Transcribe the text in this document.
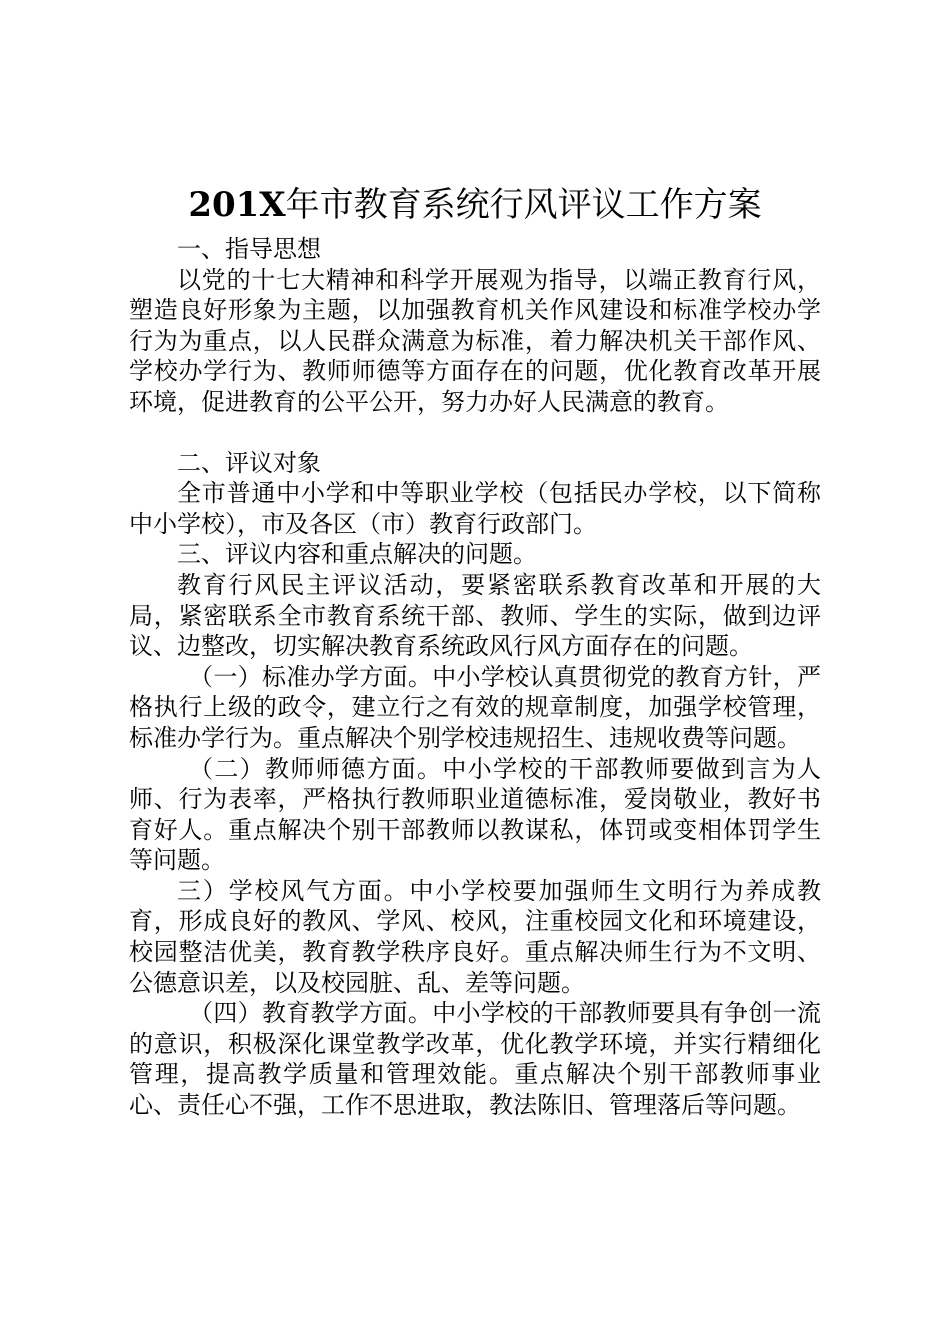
201X年市教育系统行风评议工作方案

一、指导思想

以党的十七大精神和科学开展观为指导，以端正教育行风，塑造良好形象为主题，以加强教育机关作风建设和标准学校办学行为为重点，以人民群众满意为标准，着力解决机关干部作风、学校办学行为、教师师德等方面存在的问题，优化教育改革开展环境，促进教育的公平公开，努力办好人民满意的教育。

二、评议对象

全市普通中小学和中等职业学校（包括民办学校，以下简称中小学校），市及各区（市）教育行政部门。

三、评议内容和重点解决的问题。

教育行风民主评议活动，要紧密联系教育改革和开展的大局，紧密联系全市教育系统干部、教师、学生的实际，做到边评议、边整改，切实解决教育系统政风行风方面存在的问题。

（一）标准办学方面。中小学校认真贯彻党的教育方针，严格执行上级的政令，建立行之有效的规章制度，加强学校管理，标准办学行为。重点解决个别学校违规招生、违规收费等问题。

（二）教师师德方面。中小学校的干部教师要做到言为人师、行为表率，严格执行教师职业道德标准，爱岗敬业，教好书育好人。重点解决个别干部教师以教谋私，体罚或变相体罚学生等问题。

三）学校风气方面。中小学校要加强师生文明行为养成教育，形成良好的教风、学风、校风，注重校园文化和环境建设，校园整洁优美，教育教学秩序良好。重点解决师生行为不文明、公德意识差，以及校园脏、乱、差等问题。

（四）教育教学方面。中小学校的干部教师要具有争创一流的意识，积极深化课堂教学改革，优化教学环境，并实行精细化管理，提高教学质量和管理效能。重点解决个别干部教师事业心、责任心不强，工作不思进取，教法陈旧、管理落后等问题。
